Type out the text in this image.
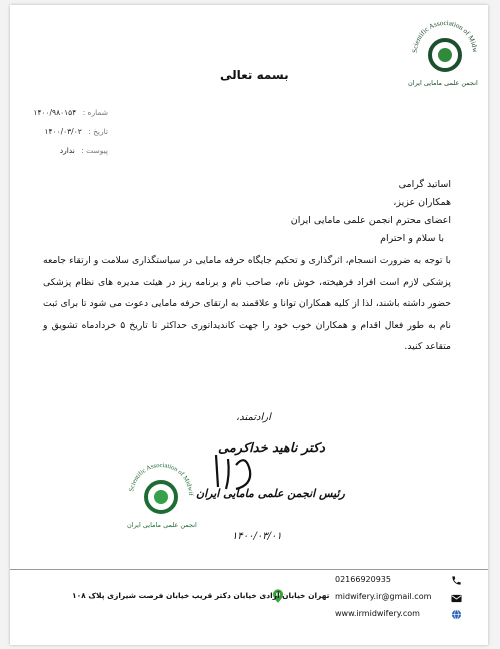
Scientific Association of Midw
انجمن علمی مامایی ایران
بسمه تعالی
شماره : ۱۴۰۰/۹۸۰۱۵۴
تاریخ : ۱۴۰۰/۰۳/۰۲
پیوست : ندارد
اساتید گرامی
همکاران عزیز،
اعضای محترم انجمن علمی مامایی ایران
با سلام و احترام
با توجه به ضرورت انسجام، اثرگذاری و تحکیم جایگاه حرفه مامایی در سیاستگذاری سلامت و ارتقاء جامعه پزشکی لازم است افراد فرهیخته، خوش نام، صاحب نام و برنامه ریز در هیئت مدیره های نظام پزشکی حضور داشته باشند، لذا از کلیه همکاران توانا و علاقمند به ارتقای حرفه مامایی دعوت می شود تا برای ثبت نام به طور فعال اقدام و همکاران خوب خود را جهت کاندیداتوری حداکثر تا تاریخ ۵ خردادماه تشویق و متقاعد کنید.
ارادتمند،
دکتر ناهید خداکرمی
رئیس انجمن علمی مامایی ایران
۱۴۰۰/۰۳/۰۱
Scientific Association of Midwif
انجمن علمی مامایی ایران
02166920935
midwifery.ir@gmail.com
www.irmidwifery.com
تهران خیابان آزادی خیابان دکتر قریب خیابان فرصت شیرازی پلاک ۱۰۸
